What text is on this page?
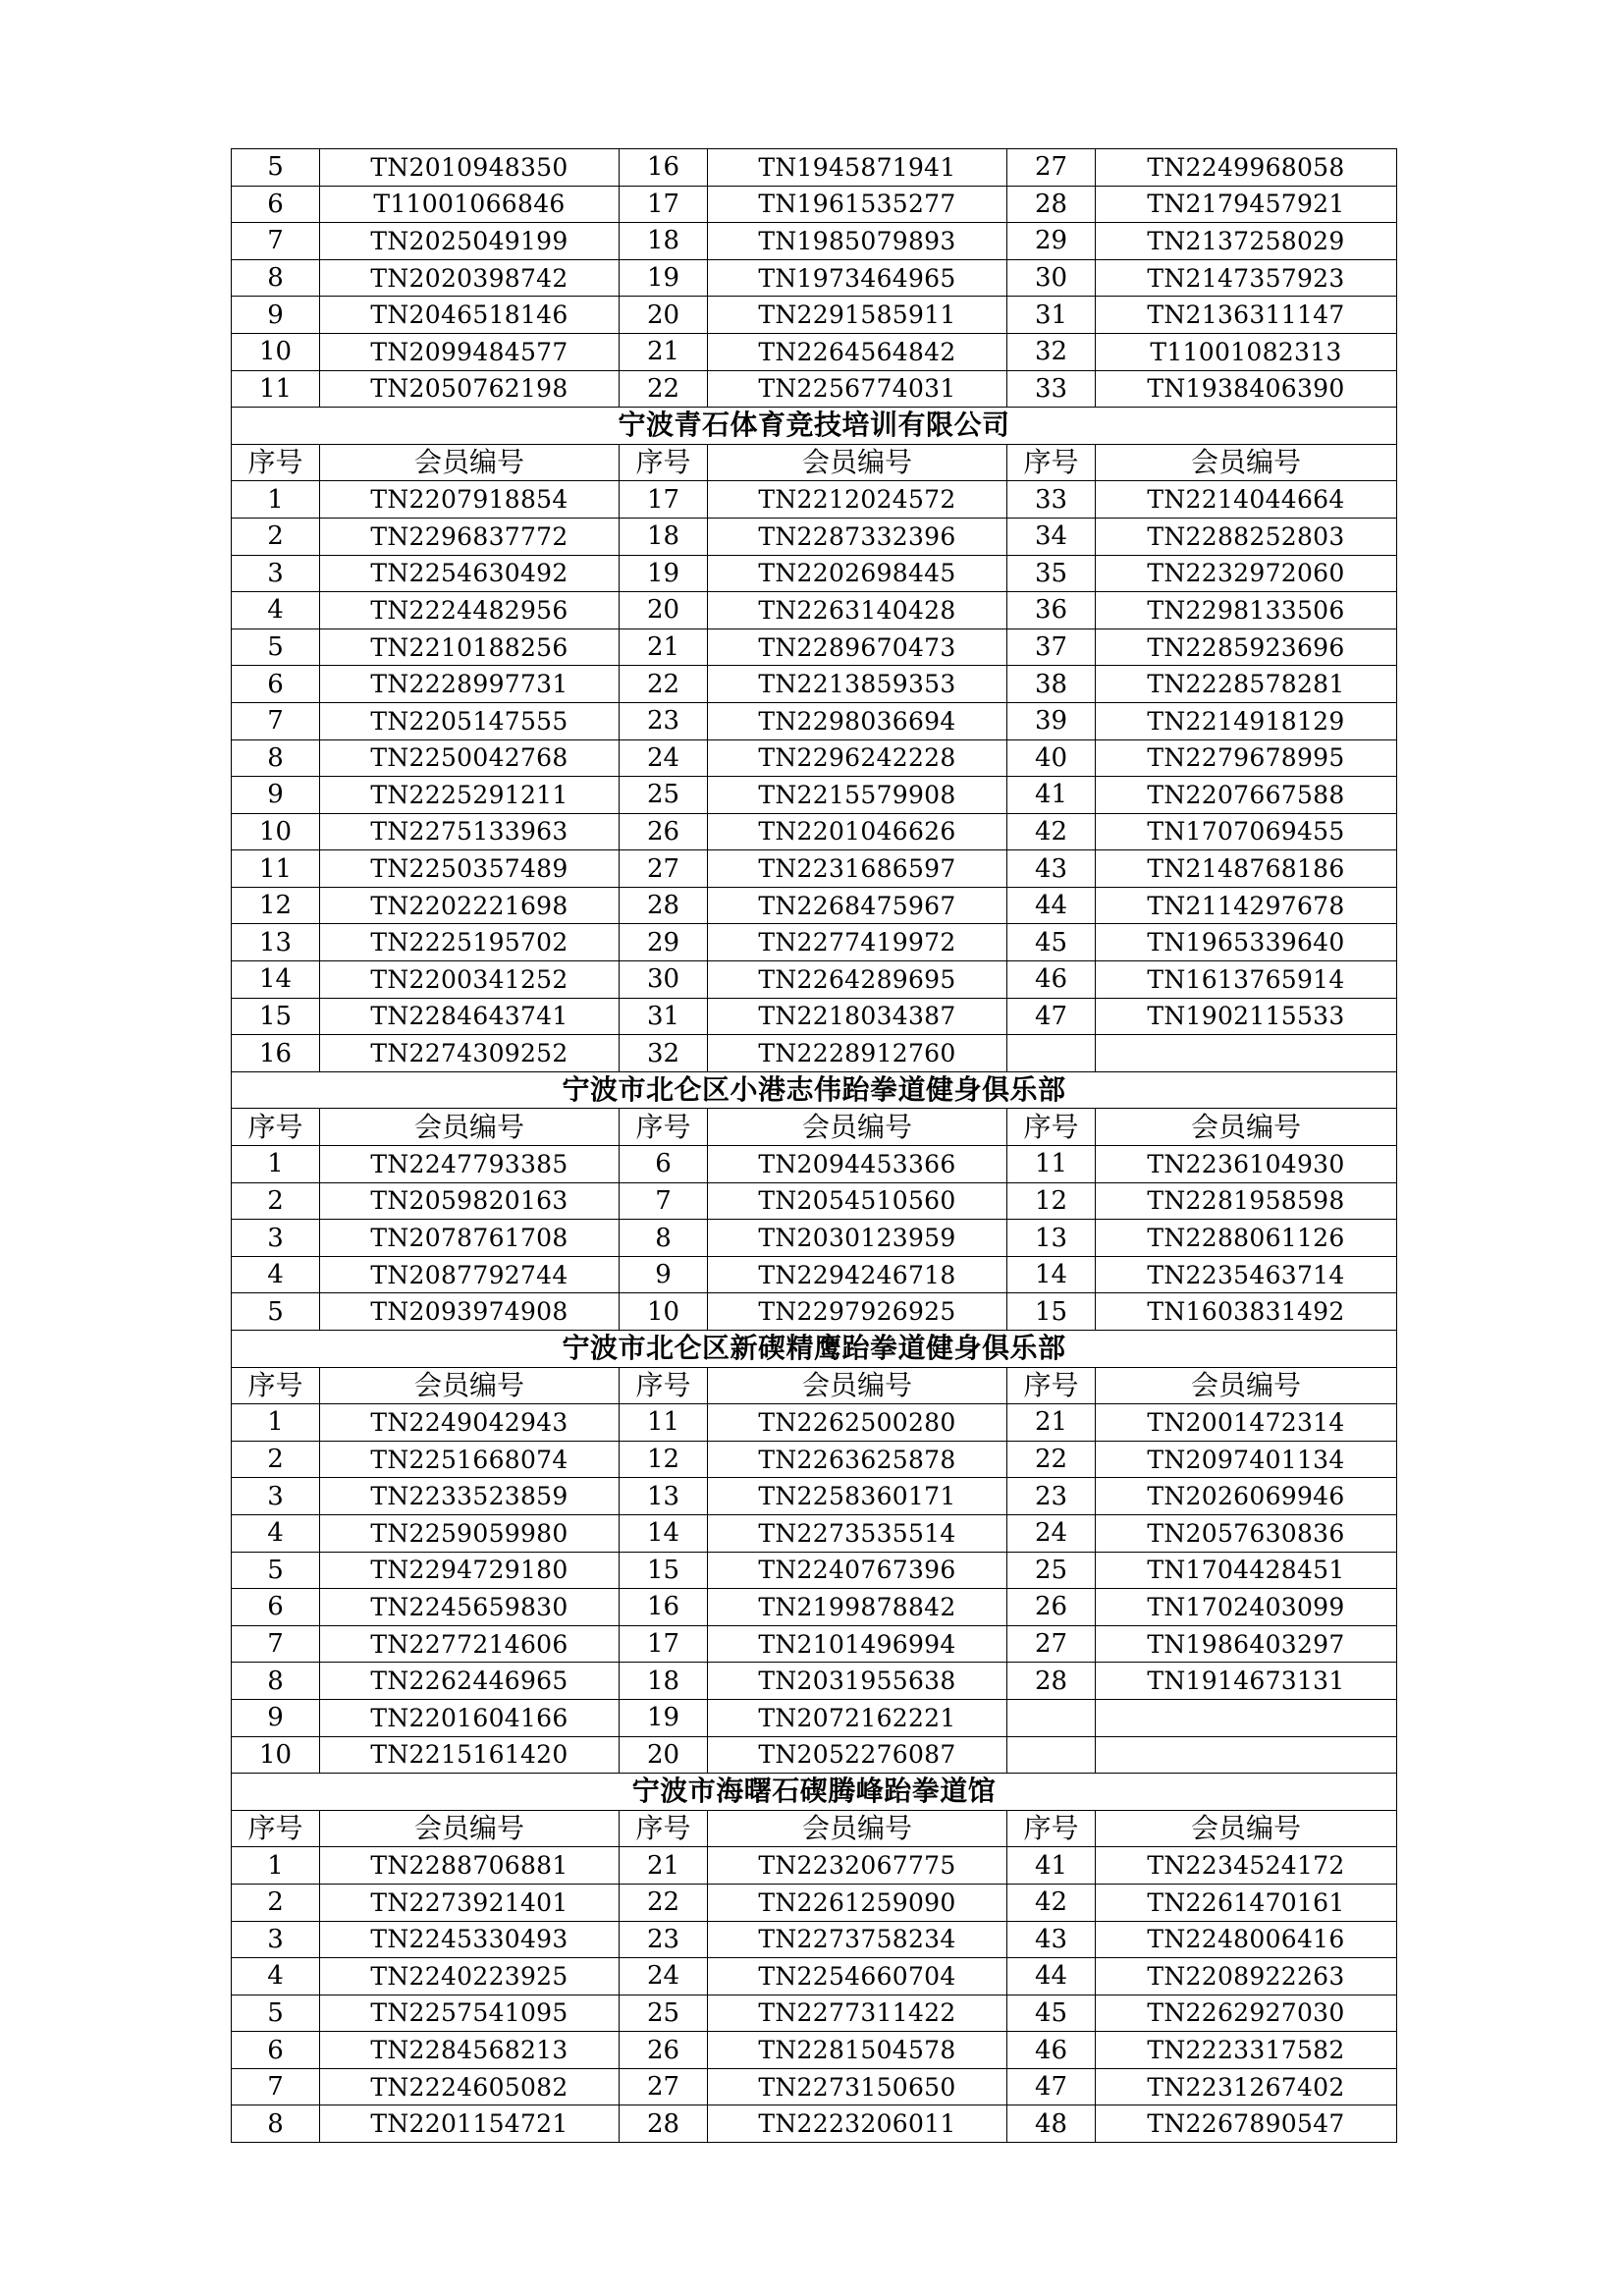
5	TN2010948350	16	TN1945871941	27	TN2249968058
6	T11001066846	17	TN1961535277	28	TN2179457921
7	TN2025049199	18	TN1985079893	29	TN2137258029
8	TN2020398742	19	TN1973464965	30	TN2147357923
9	TN2046518146	20	TN2291585911	31	TN2136311147
10	TN2099484577	21	TN2264564842	32	T11001082313
11	TN2050762198	22	TN2256774031	33	TN1938406390
宁波青石体育竞技培训有限公司					
序号	会员编号	序号	会员编号	序号	会员编号
1	TN2207918854	17	TN2212024572	33	TN2214044664
2	TN2296837772	18	TN2287332396	34	TN2288252803
3	TN2254630492	19	TN2202698445	35	TN2232972060
4	TN2224482956	20	TN2263140428	36	TN2298133506
5	TN2210188256	21	TN2289670473	37	TN2285923696
6	TN2228997731	22	TN2213859353	38	TN2228578281
7	TN2205147555	23	TN2298036694	39	TN2214918129
8	TN2250042768	24	TN2296242228	40	TN2279678995
9	TN2225291211	25	TN2215579908	41	TN2207667588
10	TN2275133963	26	TN2201046626	42	TN1707069455
11	TN2250357489	27	TN2231686597	43	TN2148768186
12	TN2202221698	28	TN2268475967	44	TN2114297678
13	TN2225195702	29	TN2277419972	45	TN1965339640
14	TN2200341252	30	TN2264289695	46	TN1613765914
15	TN2284643741	31	TN2218034387	47	TN1902115533
16	TN2274309252	32	TN2228912760		
宁波市北仑区小港志伟跆拳道健身俱乐部					
序号	会员编号	序号	会员编号	序号	会员编号
1	TN2247793385	6	TN2094453366	11	TN2236104930
2	TN2059820163	7	TN2054510560	12	TN2281958598
3	TN2078761708	8	TN2030123959	13	TN2288061126
4	TN2087792744	9	TN2294246718	14	TN2235463714
5	TN2093974908	10	TN2297926925	15	TN1603831492
宁波市北仑区新碶精鹰跆拳道健身俱乐部					
序号	会员编号	序号	会员编号	序号	会员编号
1	TN2249042943	11	TN2262500280	21	TN2001472314
2	TN2251668074	12	TN2263625878	22	TN2097401134
3	TN2233523859	13	TN2258360171	23	TN2026069946
4	TN2259059980	14	TN2273535514	24	TN2057630836
5	TN2294729180	15	TN2240767396	25	TN1704428451
6	TN2245659830	16	TN2199878842	26	TN1702403099
7	TN2277214606	17	TN2101496994	27	TN1986403297
8	TN2262446965	18	TN2031955638	28	TN1914673131
9	TN2201604166	19	TN2072162221		
10	TN2215161420	20	TN2052276087		
宁波市海曙石碶腾峰跆拳道馆					
序号	会员编号	序号	会员编号	序号	会员编号
1	TN2288706881	21	TN2232067775	41	TN2234524172
2	TN2273921401	22	TN2261259090	42	TN2261470161
3	TN2245330493	23	TN2273758234	43	TN2248006416
4	TN2240223925	24	TN2254660704	44	TN2208922263
5	TN2257541095	25	TN2277311422	45	TN2262927030
6	TN2284568213	26	TN2281504578	46	TN2223317582
7	TN2224605082	27	TN2273150650	47	TN2231267402
8	TN2201154721	28	TN2223206011	48	TN2267890547
